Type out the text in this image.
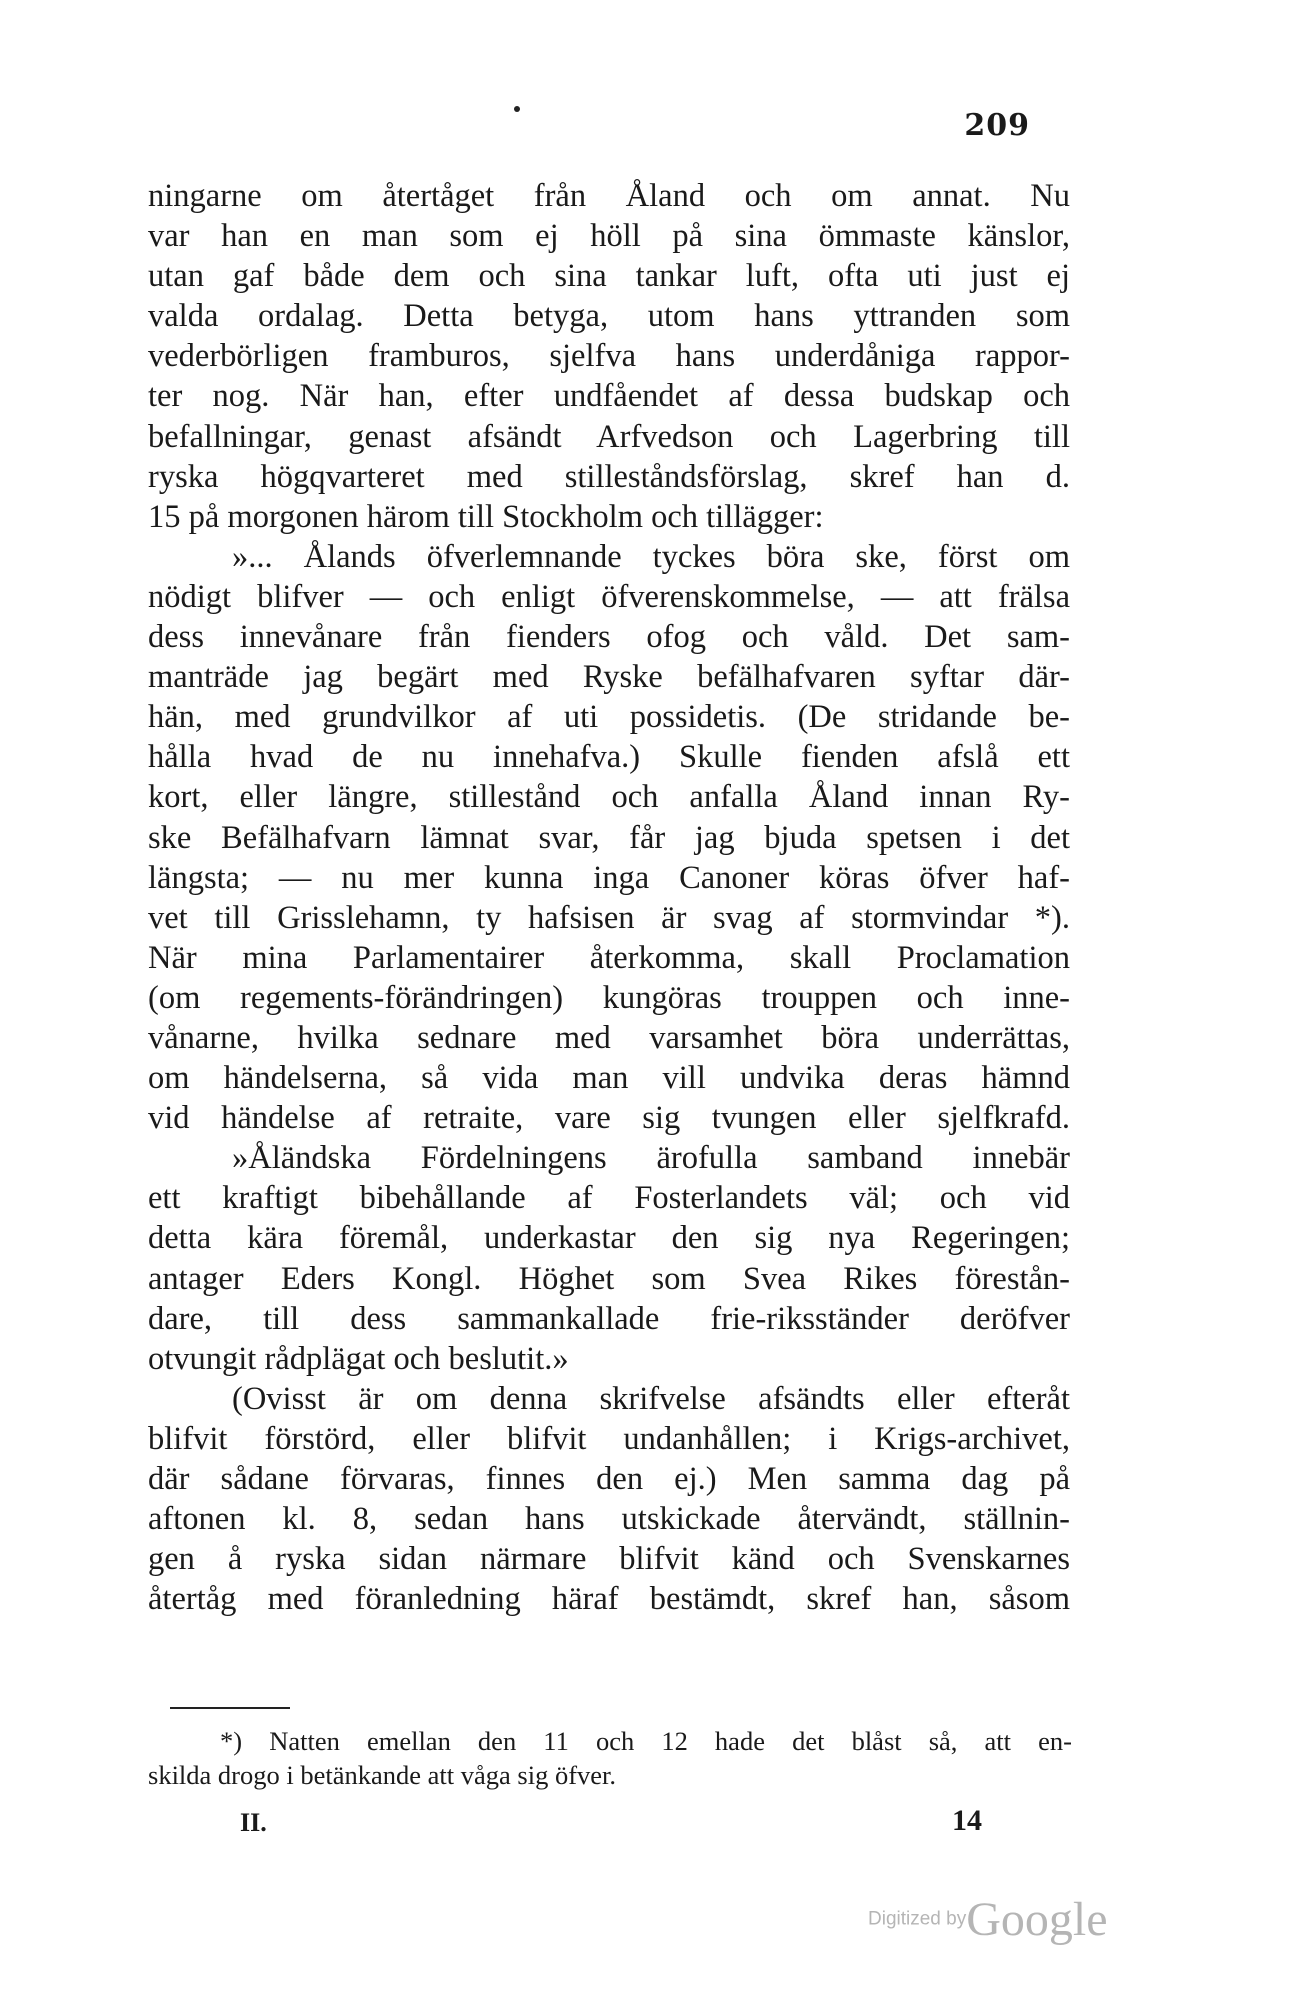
209
ningarne om återtåget från Åland och om annat. Nu
var han en man som ej höll på sina ömmaste känslor,
utan gaf både dem och sina tankar luft, ofta uti just ej
valda ordalag. Detta betyga, utom hans yttranden som
vederbörligen framburos, sjelfva hans underdåniga rappor-
ter nog. När han, efter undfåendet af dessa budskap och
befallningar, genast afsändt Arfvedson och Lagerbring till
ryska högqvarteret med stilleståndsförslag, skref han d.
15 på morgonen härom till Stockholm och tillägger:
»... Ålands öfverlemnande tyckes böra ske, först om
nödigt blifver — och enligt öfverenskommelse, — att frälsa
dess innevånare från fienders ofog och våld. Det sam-
manträde jag begärt med Ryske befälhafvaren syftar där-
hän, med grundvilkor af uti possidetis. (De stridande be-
hålla hvad de nu innehafva.) Skulle fienden afslå ett
kort, eller längre, stillestånd och anfalla Åland innan Ry-
ske Befälhafvarn lämnat svar, får jag bjuda spetsen i det
längsta; — nu mer kunna inga Canoner köras öfver haf-
vet till Grisslehamn, ty hafsisen är svag af stormvindar *).
När mina Parlamentairer återkomma, skall Proclamation
(om regements-förändringen) kungöras trouppen och inne-
vånarne, hvilka sednare med varsamhet böra underrättas,
om händelserna, så vida man vill undvika deras hämnd
vid händelse af retraite, vare sig tvungen eller sjelfkrafd.
»Åländska Fördelningens ärofulla samband innebär
ett kraftigt bibehållande af Fosterlandets väl; och vid
detta kära föremål, underkastar den sig nya Regeringen;
antager Eders Kongl. Höghet som Svea Rikes förestån-
dare, till dess sammankallade frie-riksständer deröfver
otvungit rådplägat och beslutit.»
(Ovisst är om denna skrifvelse afsändts eller efteråt
blifvit förstörd, eller blifvit undanhållen; i Krigs-archivet,
där sådane förvaras, finnes den ej.) Men samma dag på
aftonen kl. 8, sedan hans utskickade återvändt, ställnin-
gen å ryska sidan närmare blifvit känd och Svenskarnes
återtåg med föranledning häraf bestämdt, skref han, såsom
*) Natten emellan den 11 och 12 hade det blåst så, att en-
skilda drogo i betänkande att våga sig öfver.
II.	14
Digitized byGoogle
